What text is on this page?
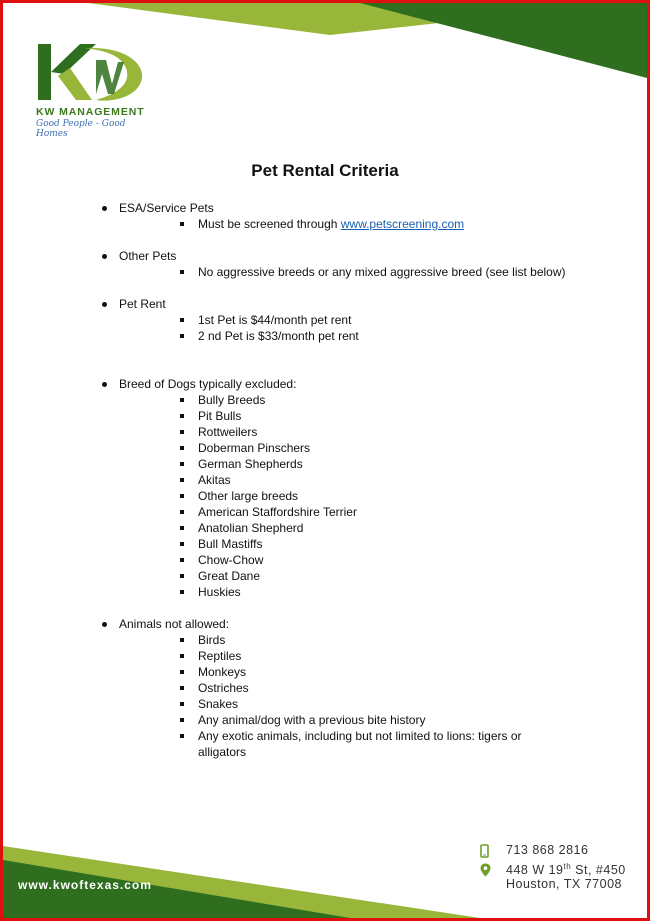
KW MANAGEMENT
Good People - Good Homes
Pet Rental Criteria
ESA/Service Pets
Must be screened through www.petscreening.com
Other Pets
No aggressive breeds or any mixed aggressive breed (see list below)
Pet Rent
1st Pet is $44/month pet rent
2 nd Pet is $33/month pet rent
Breed of Dogs typically excluded:
Bully Breeds
Pit Bulls
Rottweilers
Doberman Pinschers
German Shepherds
Akitas
Other large breeds
American Staffordshire Terrier
Anatolian Shepherd
Bull Mastiffs
Chow-Chow
Great Dane
Huskies
Animals not allowed:
Birds
Reptiles
Monkeys
Ostriches
Snakes
Any animal/dog with a previous bite history
Any exotic animals, including but not limited to lions: tigers or alligators
713 868 2816
448 W 19th St, #450
Houston, TX 77008
www.kwoftexas.com
